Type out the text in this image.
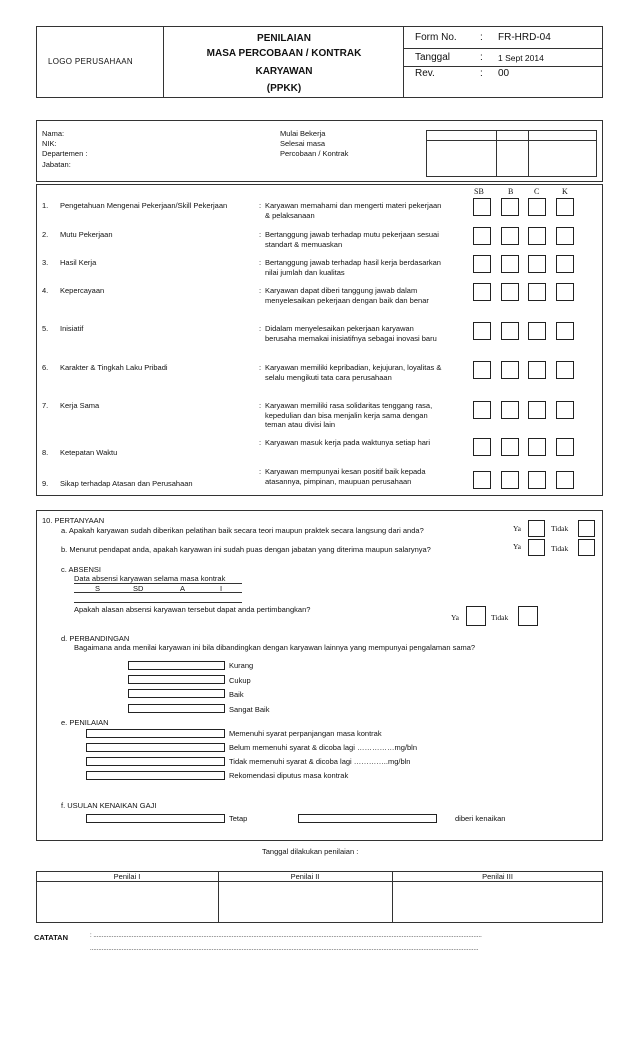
LOGO PERUSAHAAN
PENILAIAN
MASA PERCOBAAN / KONTRAK
KARYAWAN
(PPKK)
Form No. : FR-HRD-04
Tanggal	: 1 Sept 2014
Rev.	: 00
Nama:
NIK:
Departemen :
Jabatan:
Mulai Bekerja
Selesai masa
Percobaan / Kontrak
SB	B	C	K
1. Pengetahuan Mengenai Pekerjaan/Skill Pekerjaan	: Karyawan memahami dan mengerti materi pekerjaan & pelaksanaan
2. Mutu Pekerjaan	: Bertanggung jawab terhadap mutu pekerjaan sesuai standart & memuaskan
3. Hasil Kerja	: Bertanggung jawab terhadap hasil kerja berdasarkan nilai jumlah dan kualitas
4. Kepercayaan	: Karyawan dapat diberi tanggung jawab dalam menyelesaikan pekerjaan dengan baik dan benar
5. Inisiatif	: Didalam menyelesaikan pekerjaan karyawan berusaha memakai inisiatifnya sebagai inovasi baru
6. Karakter & Tingkah Laku Pribadi	: Karyawan memiliki kepribadian, kejujuran, loyalitas & selalu mengikuti tata cara perusahaan
7. Kerja Sama	: Karyawan memiliki rasa solidaritas tenggang rasa, kepedulian dan bisa menjalin kerja sama dengan teman atau divisi lain
8. Ketepatan Waktu
: Karyawan masuk kerja pada waktunya setiap hari
9. Sikap terhadap Atasan dan Perusahaan
: Karyawan mempunyai kesan positif baik kepada atasannya, pimpinan, maupuan perusahaan
10. PERTANYAAN
a. Apakah karyawan sudah diberikan pelatihan baik secara teori maupun praktek secara langsung dari anda?	Ya	Tidak
b. Menurut pendapat anda, apakah karyawan ini sudah puas dengan jabatan yang diterima maupun salarynya?	Ya	Tidak
c. ABSENSI
Data absensi karyawan selama masa kontrak
S	SD	A	I
Apakah alasan absensi karyawan tersebut dapat anda pertimbangkan?
Ya	Tidak
d. PERBANDINGAN
Bagaimana anda menilai karyawan ini bila dibandingkan dengan karyawan lainnya yang mempunyai pengalaman sama?
Kurang
Cukup
Baik
Sangat Baik
e. PENILAIAN
Memenuhi syarat perpanjangan masa kontrak
Belum memenuhi syarat & dicoba lagi ……………mg/bln
Tidak memenuhi syarat & dicoba lagi …………..mg/bln
Rekomendasi diputus masa kontrak
f. USULAN KENAIKAN GAJI
Tetap	diberi kenaikan
Tanggal dilakukan penilaian :
Penilai I	Penilai II	Penilai III
CATATAN	: .........................................................................................................................................................................................................................................
.........................................................................................................................................................................................................................................
